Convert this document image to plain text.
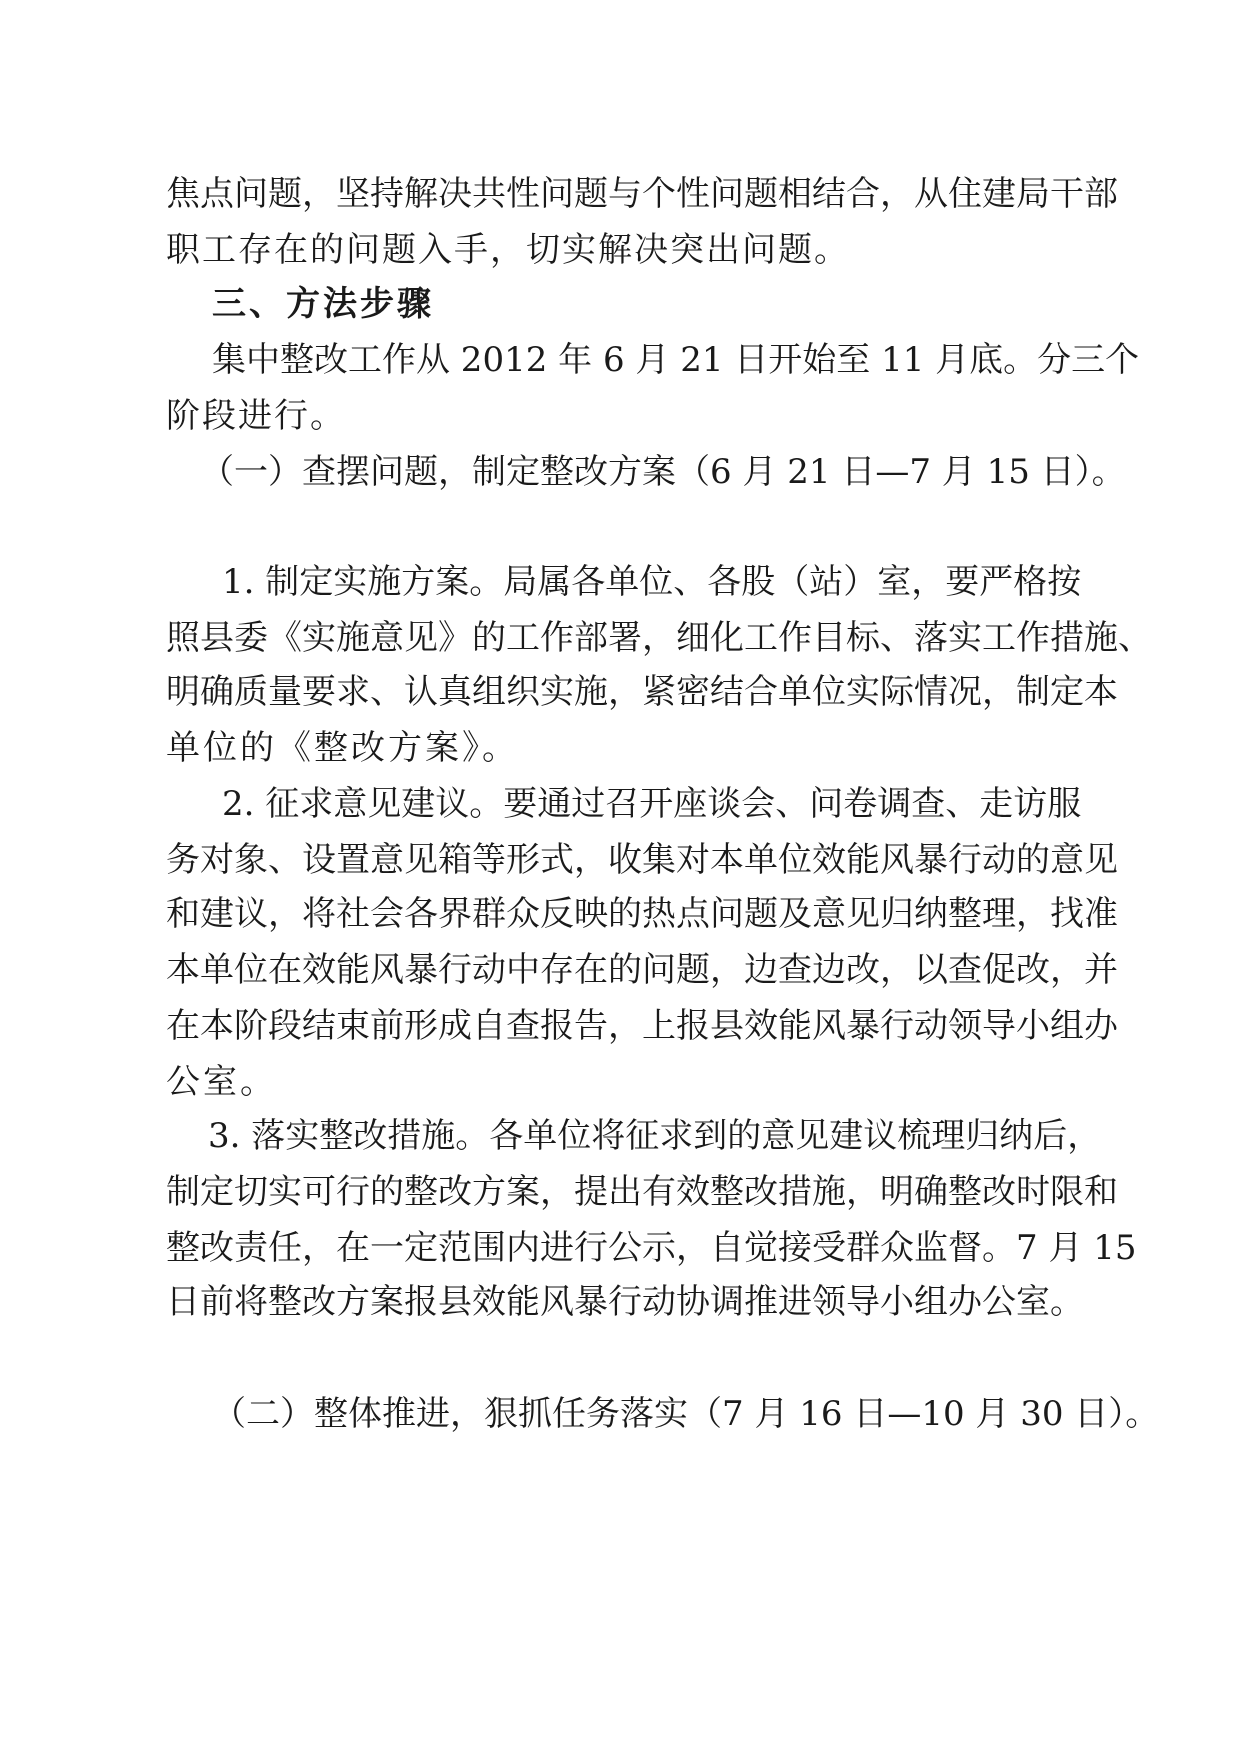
焦点问题，坚持解决共性问题与个性问题相结合，从住建局干部
职工存在的问题入手，切实解决突出问题。
三、方法步骤
集中整改工作从 2012 年 6 月 21 日开始至 11 月底。分三个
阶段进行。
（一）查摆问题，制定整改方案（6 月 21 日—7 月 15 日）。
1. 制定实施方案。局属各单位、各股（站）室，要严格按
照县委《实施意见》的工作部署，细化工作目标、落实工作措施、
明确质量要求、认真组织实施，紧密结合单位实际情况，制定本
单位的《整改方案》。
2. 征求意见建议。要通过召开座谈会、问卷调查、走访服
务对象、设置意见箱等形式，收集对本单位效能风暴行动的意见
和建议，将社会各界群众反映的热点问题及意见归纳整理，找准
本单位在效能风暴行动中存在的问题，边查边改，以查促改，并
在本阶段结束前形成自查报告，上报县效能风暴行动领导小组办
公室。
3. 落实整改措施。各单位将征求到的意见建议梳理归纳后，
制定切实可行的整改方案，提出有效整改措施，明确整改时限和
整改责任，在一定范围内进行公示，自觉接受群众监督。7 月 15
日前将整改方案报县效能风暴行动协调推进领导小组办公室。
（二）整体推进，狠抓任务落实（7 月 16 日—10 月 30 日）。
